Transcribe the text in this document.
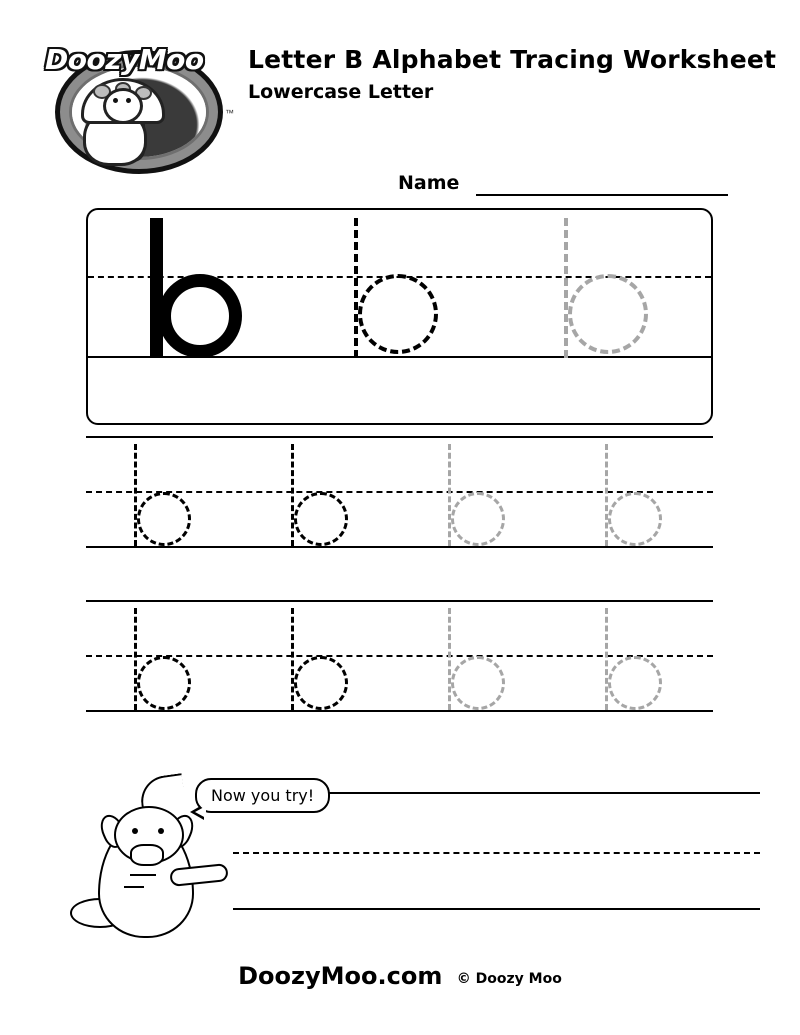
DoozyMoo
™
Letter B Alphabet Tracing Worksheet
Lowercase Letter
Name
Now you try!
DoozyMoo.com © Doozy Moo
